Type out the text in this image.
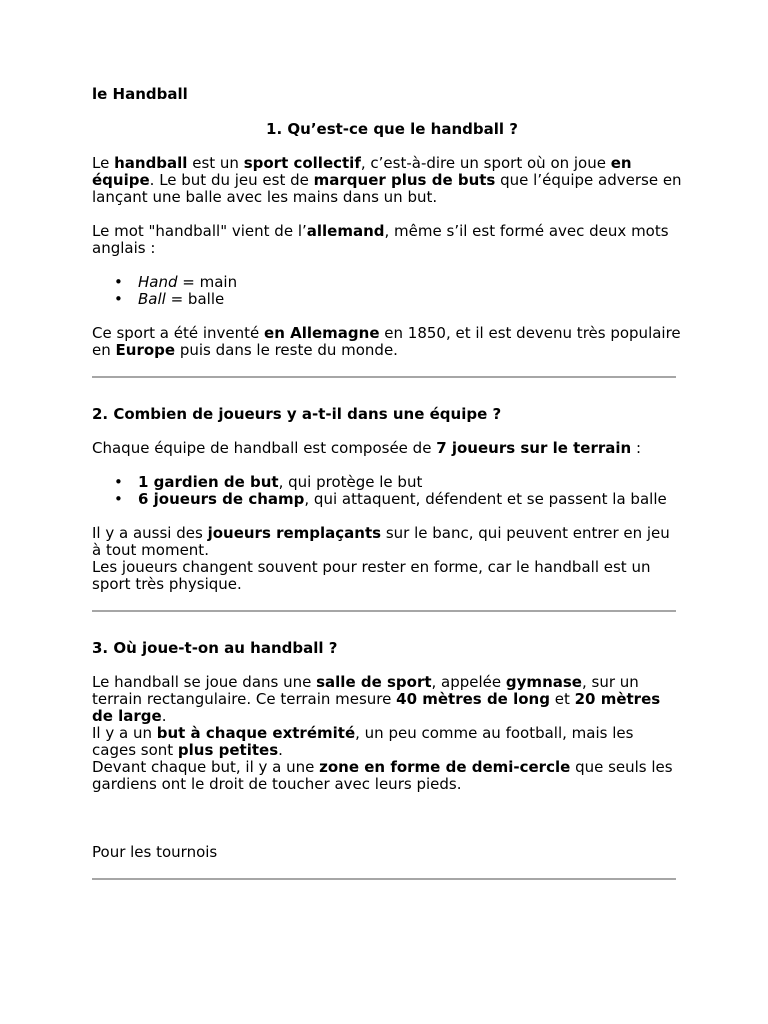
le Handball

1. Qu’est-ce que le handball ?

Le handball est un sport collectif, c’est-à-dire un sport où on joue en équipe. Le but du jeu est de marquer plus de buts que l’équipe adverse en lançant une balle avec les mains dans un but.

Le mot "handball" vient de l’allemand, même s’il est formé avec deux mots anglais :

• Hand = main
• Ball = balle

Ce sport a été inventé en Allemagne en 1850, et il est devenu très populaire en Europe puis dans le reste du monde.

2. Combien de joueurs y a-t-il dans une équipe ?

Chaque équipe de handball est composée de 7 joueurs sur le terrain :

• 1 gardien de but, qui protège le but
• 6 joueurs de champ, qui attaquent, défendent et se passent la balle

Il y a aussi des joueurs remplaçants sur le banc, qui peuvent entrer en jeu à tout moment.

Les joueurs changent souvent pour rester en forme, car le handball est un sport très physique.

3. Où joue-t-on au handball ?

Le handball se joue dans une salle de sport, appelée gymnase, sur un terrain rectangulaire. Ce terrain mesure 40 mètres de long et 20 mètres de large.

Il y a un but à chaque extrémité, un peu comme au football, mais les cages sont plus petites.

Devant chaque but, il y a une zone en forme de demi-cercle que seuls les gardiens ont le droit de toucher avec leurs pieds.

Pour les tournois
